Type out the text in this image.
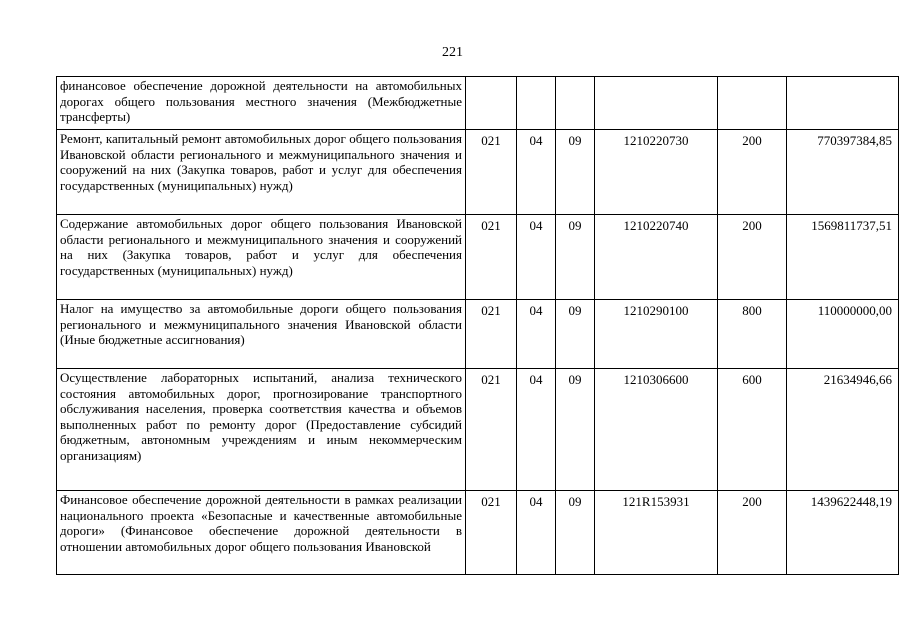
221
финансовое обеспечение дорожной деятельности на автомобильных дорогах общего пользования местного значения (Межбюджетные трансферты)						
Ремонт, капитальный ремонт автомобильных дорог общего пользования Ивановской области регионального и межмуниципального значения и сооружений на них (Закупка товаров, работ и услуг для обеспечения государственных (муниципальных) нужд)	021	04	09	1210220730	200	770397384,85
Содержание автомобильных дорог общего пользования Ивановской области регионального и межмуниципального значения и сооружений на них (Закупка товаров, работ и услуг для обеспечения государственных (муниципальных) нужд)	021	04	09	1210220740	200	1569811737,51
Налог на имущество за автомобильные дороги общего пользования регионального и межмуниципального значения Ивановской области (Иные бюджетные ассигнования)	021	04	09	1210290100	800	110000000,00
Осуществление лабораторных испытаний, анализа технического состояния автомобильных дорог, прогнозирование транспортного обслуживания населения, проверка соответствия качества и объемов выполненных работ по ремонту дорог (Предоставление субсидий бюджетным, автономным учреждениям и иным некоммерческим организациям)	021	04	09	1210306600	600	21634946,66
Финансовое обеспечение дорожной деятельности в рамках реализации национального проекта «Безопасные и качественные автомобильные дороги» (Финансовое обеспечение дорожной деятельности в отношении автомобильных дорог общего пользования Ивановской	021	04	09	121R153931	200	1439622448,19
